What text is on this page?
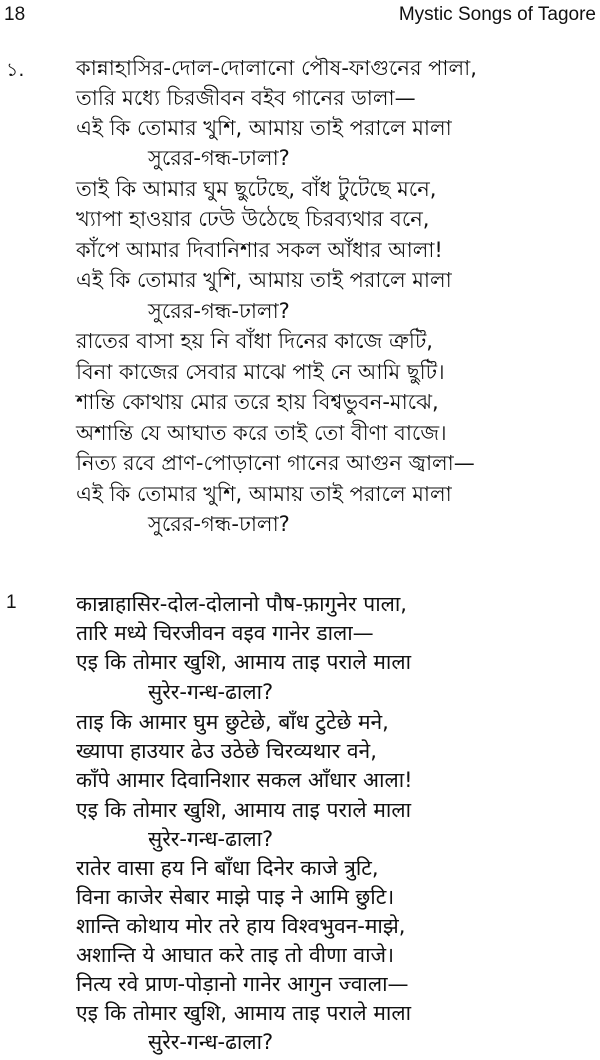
18	Mystic Songs of Tagore
১. কান্নাহাসির-দোল-দোলানো পৌষ-ফাগুনের পালা,
তারি মধ্যে চিরজীবন বইব গানের ডালা—
এই কি তোমার খুশি, আমায় তাই পরালে মালা
সুরের-গন্ধ-ঢালা?
তাই কি আমার ঘুম ছুটেছে, বাঁধ টুটেছে মনে,
খ্যাপা হাওয়ার ঢেউ উঠেছে চিরব্যথার বনে,
কাঁপে আমার দিবানিশার সকল আঁধার আলা!
এই কি তোমার খুশি, আমায় তাই পরালে মালা
সুরের-গন্ধ-ঢালা?
রাতের বাসা হয় নি বাঁধা দিনের কাজে ত্রুটি,
বিনা কাজের সেবার মাঝে পাই নে আমি ছুটি।
শান্তি কোথায় মোর তরে হায় বিশ্বভুবন-মাঝে,
অশান্তি যে আঘাত করে তাই তো বীণা বাজে।
নিত্য রবে প্রাণ-পোড়ানো গানের আগুন জ্বালা—
এই কি তোমার খুশি, আমায় তাই পরালে মালা
সুরের-গন্ধ-ঢালা?
1	कान्नाहासिर-दोल-दोलानो पौष-फ़ागुनेर पाला,
तारि मध्ये चिरजीवन वइव गानेर डाला—
एइ कि तोमार खुशि, आमाय ताइ पराले माला
सुरेर-गन्ध-ढाला?
ताइ कि आमार घुम छुटेछे, बाँध टुटेछे मने,
ख्यापा हाउयार ढेउ उठेछे चिरव्यथार वने,
काँपे आमार दिवानिशार सकल आँधार आला!
एइ कि तोमार खुशि, आमाय ताइ पराले माला
सुरेर-गन्ध-ढाला?
रातेर वासा हय नि बाँधा दिनेर काजे त्रुटि,
विना काजेर सेबार माझे पाइ ने आमि छुटि।
शान्ति कोथाय मोर तरे हाय विश्वभुवन-माझे,
अशान्ति ये आघात करे ताइ तो वीणा वाजे।
नित्य रवे प्राण-पोड़ानो गानेर आगुन ज्वाला—
एइ कि तोमार खुशि, आमाय ताइ पराले माला
सुरेर-गन्ध-ढाला?
